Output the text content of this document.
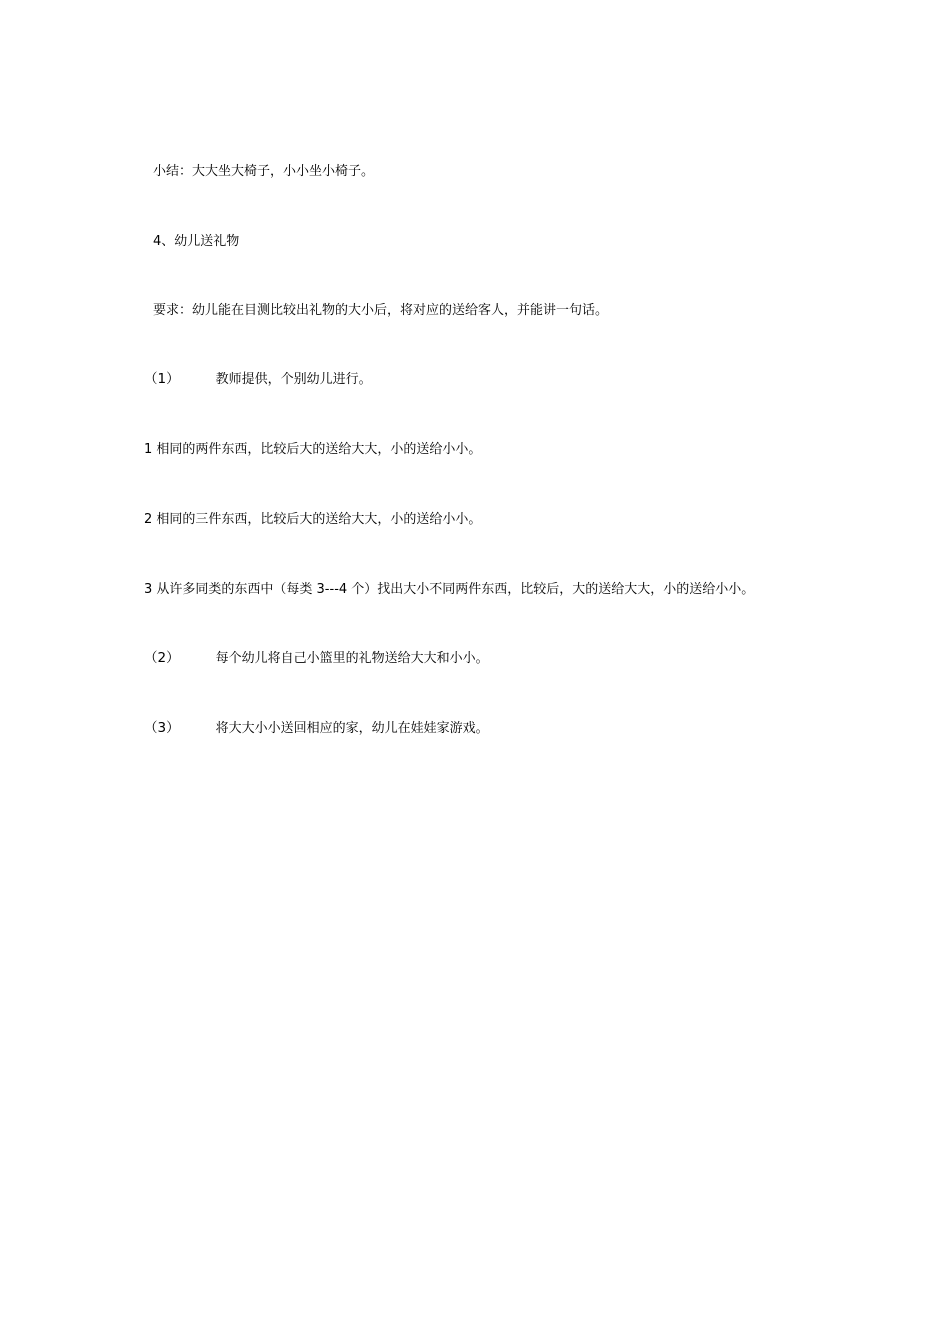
小结：大大坐大椅子，小小坐小椅子。
4、幼儿送礼物
要求：幼儿能在目测比较出礼物的大小后，将对应的送给客人，并能讲一句话。
（1）	教师提供，个别幼儿进行。
1 相同的两件东西，比较后大的送给大大，小的送给小小。
2 相同的三件东西，比较后大的送给大大，小的送给小小。
3 从许多同类的东西中（每类 3---4 个）找出大小不同两件东西，比较后，大的送给大大，小的送给小小。
（2）	每个幼儿将自己小篮里的礼物送给大大和小小。
（3）	将大大小小送回相应的家，幼儿在娃娃家游戏。
